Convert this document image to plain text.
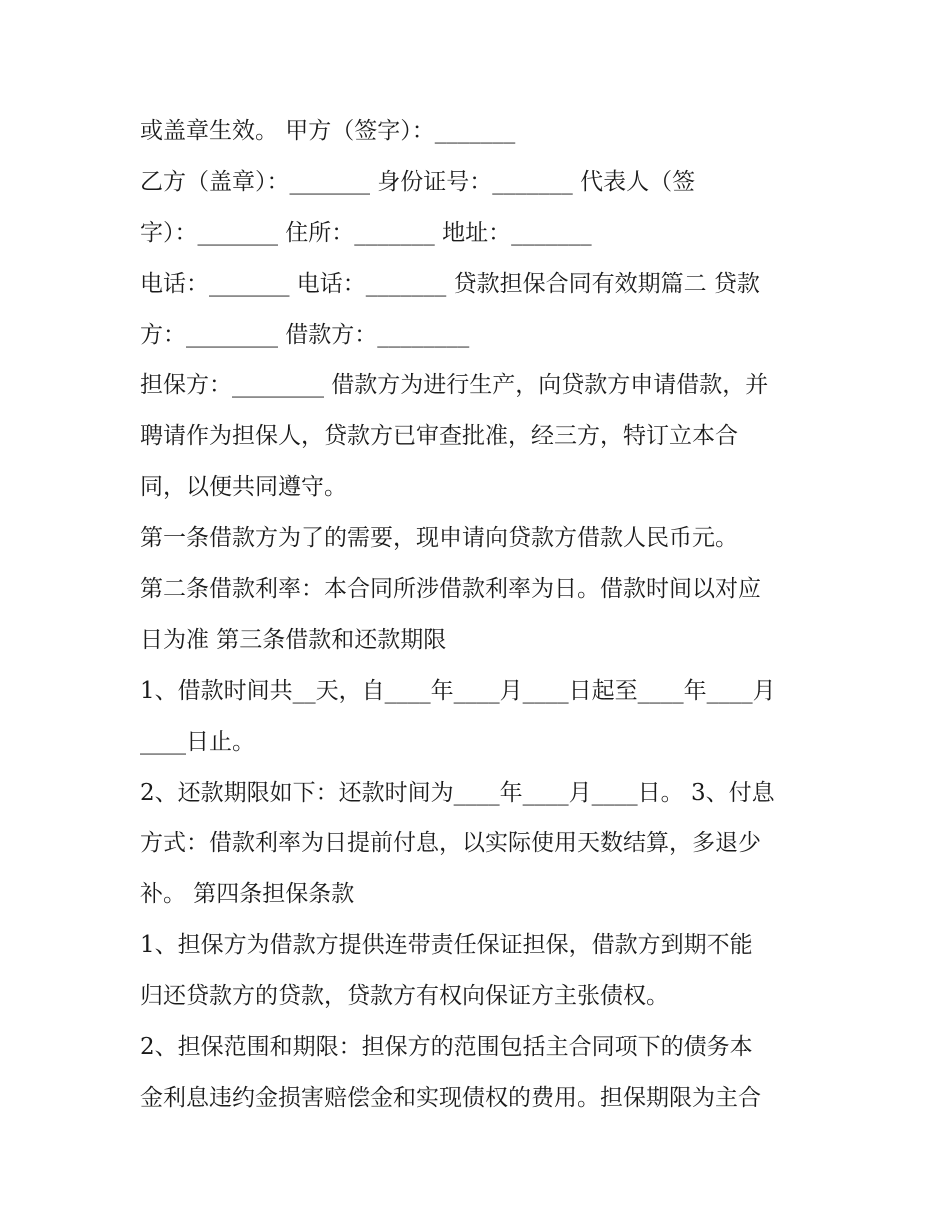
或盖章生效。 甲方（签字）：_______
乙方（盖章）：_______ 身份证号：_______ 代表人（签
字）：_______ 住所：_______ 地址：_______
电话：_______ 电话：_______ 贷款担保合同有效期篇二 贷款
方：________ 借款方：________
担保方：________ 借款方为进行生产，向贷款方申请借款，并
聘请作为担保人，贷款方已审查批准，经三方，特订立本合
同，以便共同遵守。
第一条借款方为了的需要，现申请向贷款方借款人民币元。
第二条借款利率：本合同所涉借款利率为日。借款时间以对应
日为准 第三条借款和还款期限
1、借款时间共__天，自____年____月____日起至____年____月
____日止。
2、还款期限如下：还款时间为____年____月____日。 3、付息
方式：借款利率为日提前付息，以实际使用天数结算，多退少
补。 第四条担保条款
1、担保方为借款方提供连带责任保证担保，借款方到期不能
归还贷款方的贷款，贷款方有权向保证方主张债权。
2、担保范围和期限：担保方的范围包括主合同项下的债务本
金利息违约金损害赔偿金和实现债权的费用。担保期限为主合
